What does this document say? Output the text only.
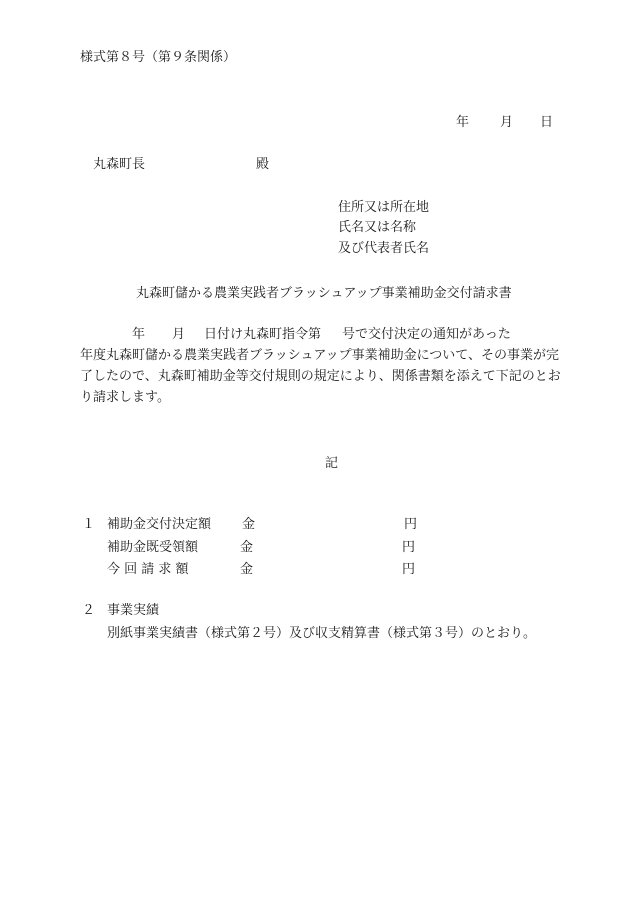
様式第８号（第９条関係）
年 月 日
丸森町長	殿
住所又は所在地
氏名又は名称
及び代表者氏名
丸森町儲かる農業実践者ブラッシュアップ事業補助金交付請求書
年 月 日付け丸森町指令第 号で交付決定の通知があった
年度丸森町儲かる農業実践者ブラッシュアップ事業補助金について、その事業が完
了したので、丸森町補助金等交付規則の規定により、関係書類を添えて下記のとお
り請求します。
記
１ 補助金交付決定額 金	円
補助金既受領額	金	円
今 回 請 求 額	金	円
２ 事業実績
別紙事業実績書（様式第２号）及び収支精算書（様式第３号）のとおり。
